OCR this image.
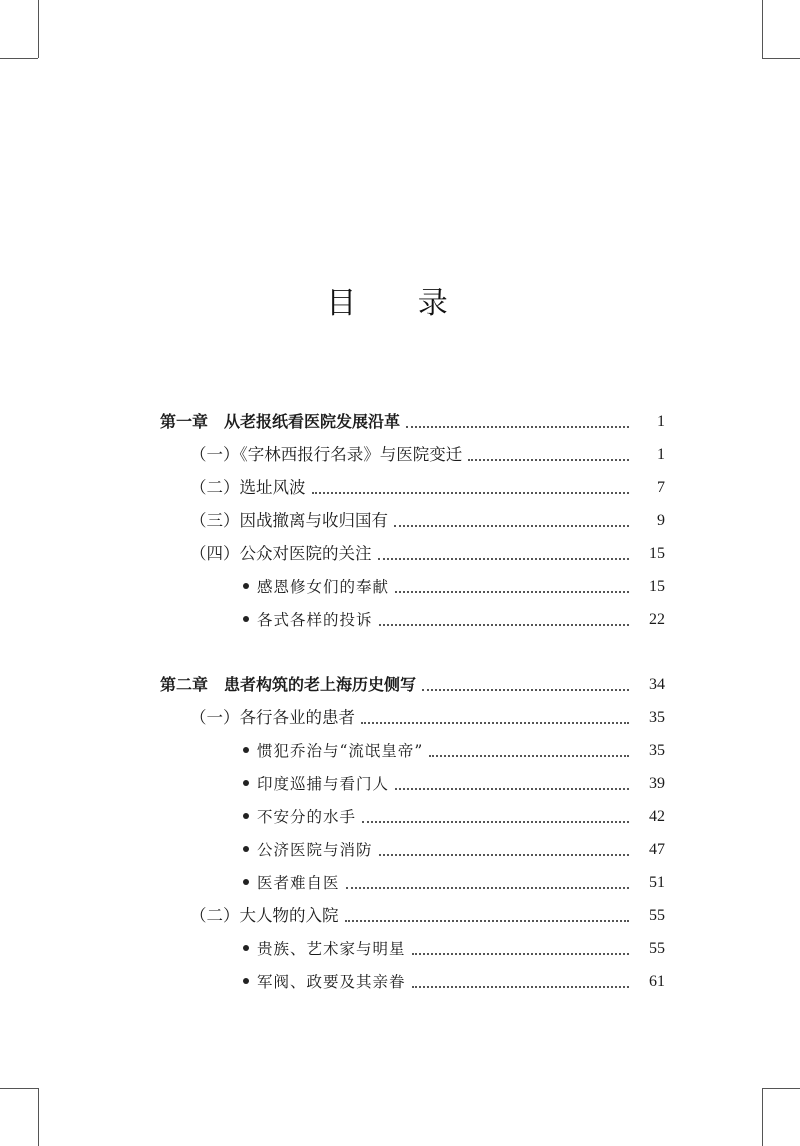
目 录
第一章　从老报纸看医院发展沿革	1
（一）《字林西报行名录》与医院变迁	1
（二）选址风波	7
（三）因战撤离与收归国有	9
（四）公众对医院的关注	15
感恩修女们的奉献	15
各式各样的投诉	22
第二章　患者构筑的老上海历史侧写	34
（一）各行各业的患者	35
惯犯乔治与“流氓皇帝”	35
印度巡捕与看门人	39
不安分的水手	42
公济医院与消防	47
医者难自医	51
（二）大人物的入院	55
贵族、艺术家与明星	55
军阀、政要及其亲眷	61
